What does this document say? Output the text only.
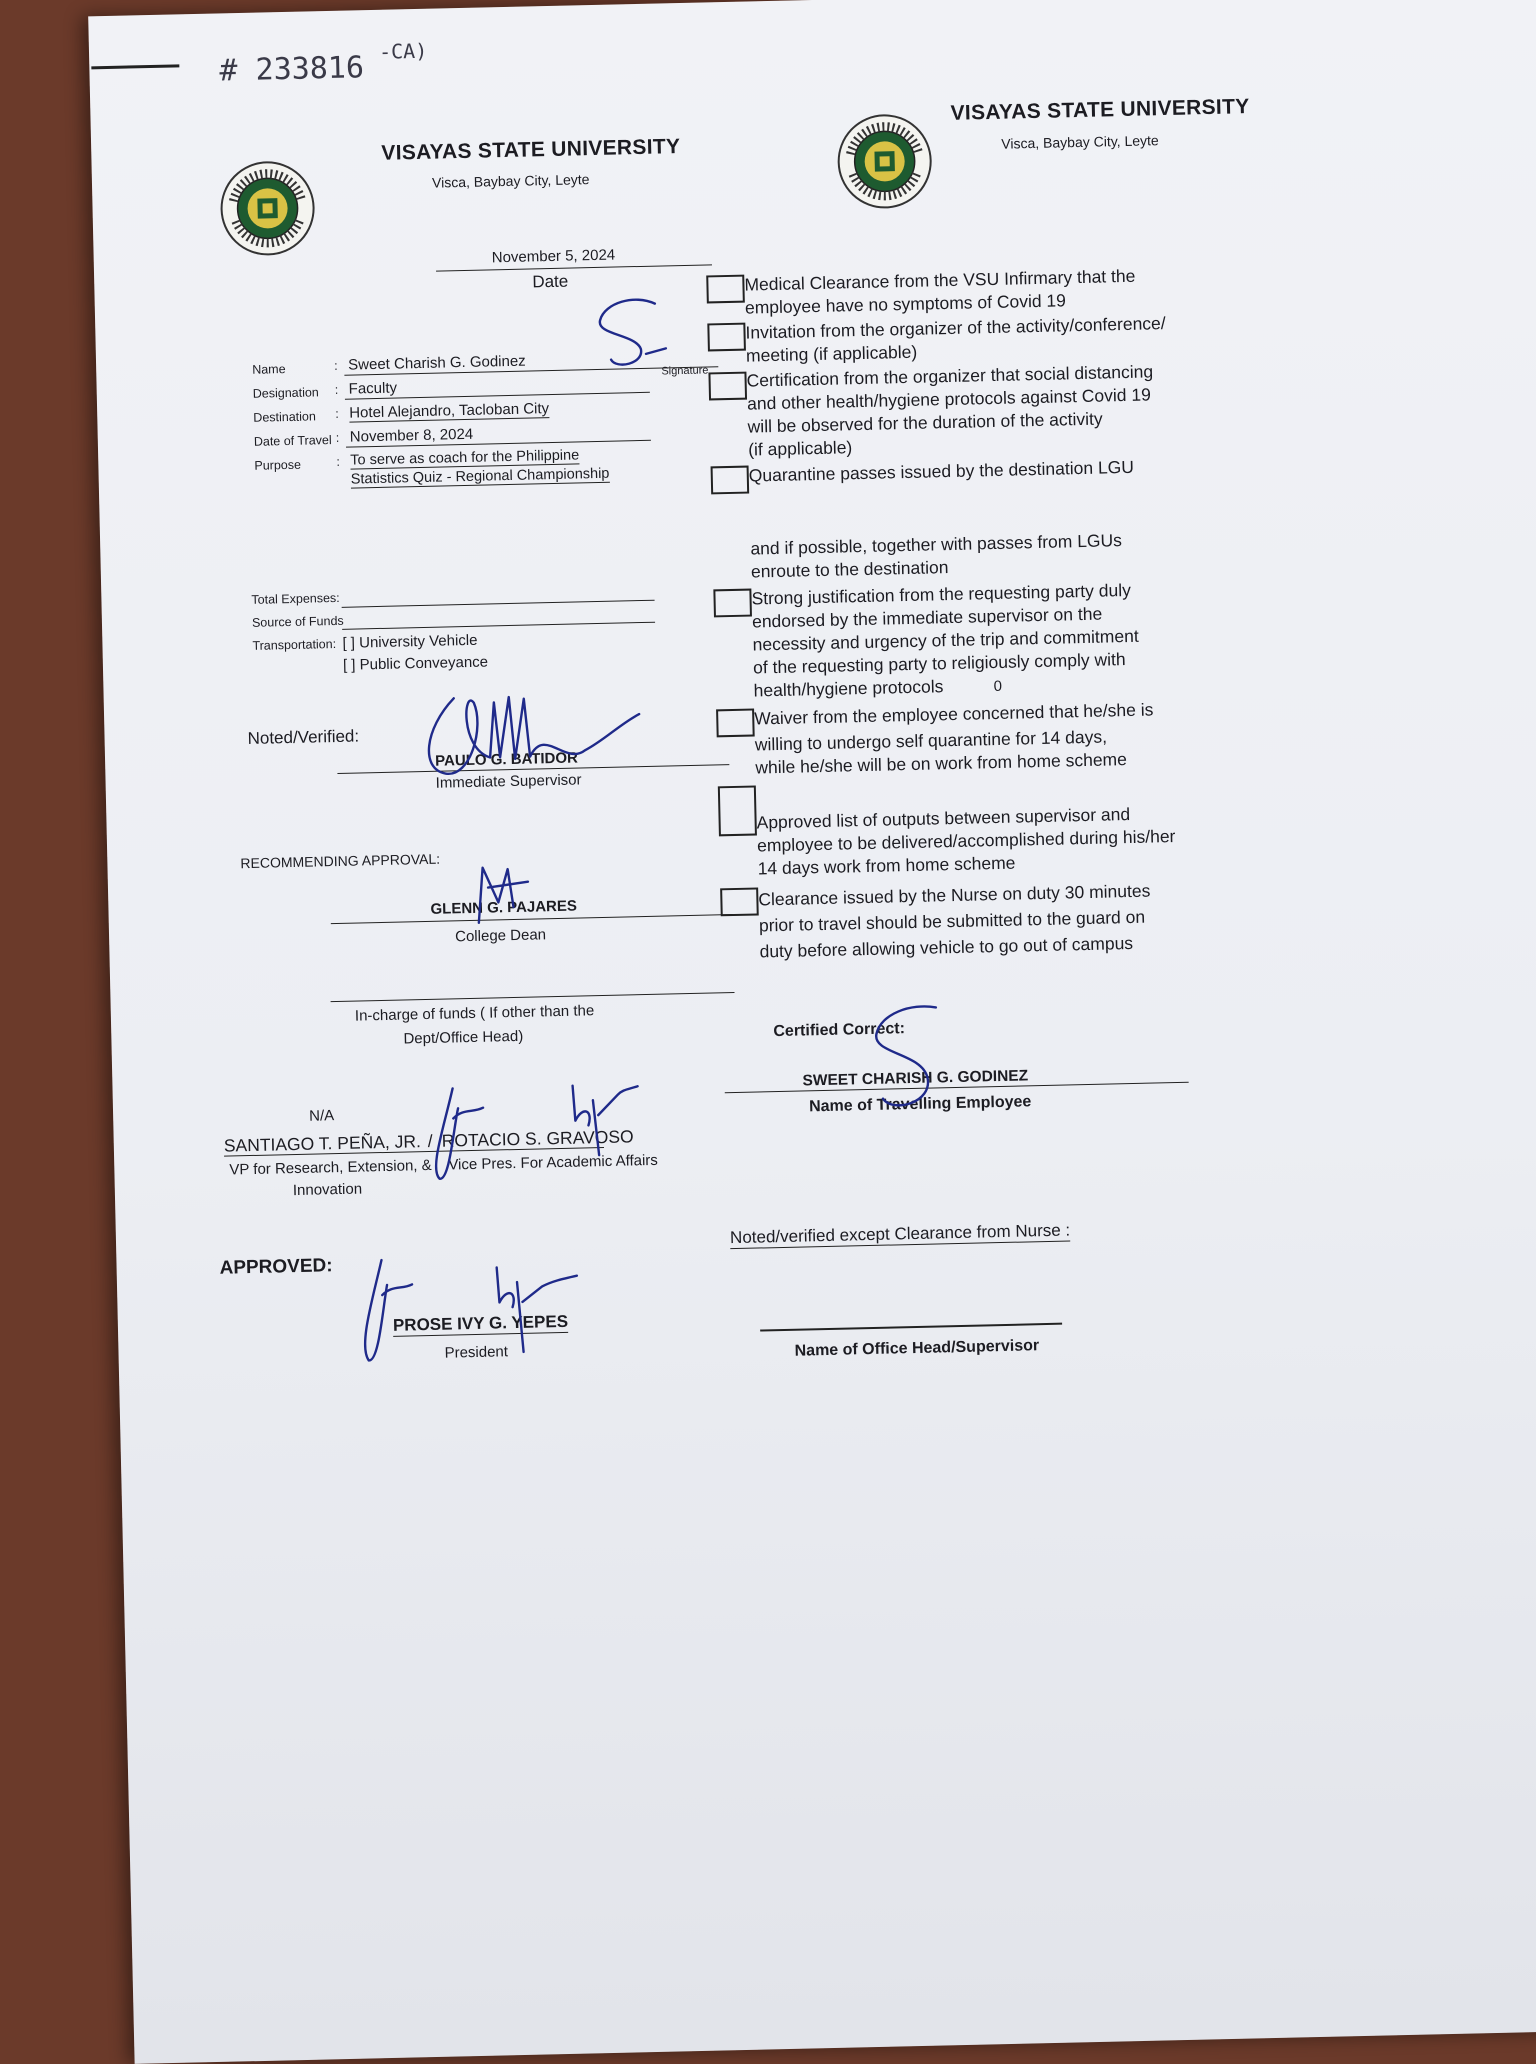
# 233816 -CA)
VISAYAS STATE UNIVERSITY
Visca, Baybay City, Leyte
VISAYAS STATE UNIVERSITY
Visca, Baybay City, Leyte
November 5, 2024
Date
Name	: Sweet Charish G. Godinez	Signature
Designation : Faculty
Destination : Hotel Alejandro, Tacloban City
Date of Travel : November 8, 2024
Purpose	: To serve as coach for the Philippine
Statistics Quiz - Regional Championship
Total Expenses:
Source of Funds
Transportation: [ ] University Vehicle
[ ] Public Conveyance
Noted/Verified:
PAULO G. BATIDOR
Immediate Supervisor
RECOMMENDING APPROVAL:
GLENN G. PAJARES
College Dean
In-charge of funds ( If other than the
Dept/Office Head)
N/A
SANTIAGO T. PEÑA, JR. / ROTACIO S. GRAVOSO
VP for Research, Extension, &
Innovation
Vice Pres. For Academic Affairs
APPROVED:
PROSE IVY G. YEPES
President
Medical Clearance from the VSU Infirmary that the
employee have no symptoms of Covid 19
Invitation from the organizer of the activity/conference/
meeting (if applicable)
Certification from the organizer that social distancing
and other health/hygiene protocols against Covid 19
will be observed for the duration of the activity
(if applicable)
Quarantine passes issued by the destination LGU
and if possible, together with passes from LGUs
enroute to the destination
Strong justification from the requesting party duly
endorsed by the immediate supervisor on the
necessity and urgency of the trip and commitment
of the requesting party to religiously comply with
health/hygiene protocols	0
Waiver from the employee concerned that he/she is
willing to undergo self quarantine for 14 days,
while he/she will be on work from home scheme
Approved list of outputs between supervisor and
employee to be delivered/accomplished during his/her
14 days work from home scheme
Clearance issued by the Nurse on duty 30 minutes
prior to travel should be submitted to the guard on
duty before allowing vehicle to go out of campus
Certified Correct:
SWEET CHARISH G. GODINEZ
Name of Travelling Employee
Noted/verified except Clearance from Nurse :
Name of Office Head/Supervisor
